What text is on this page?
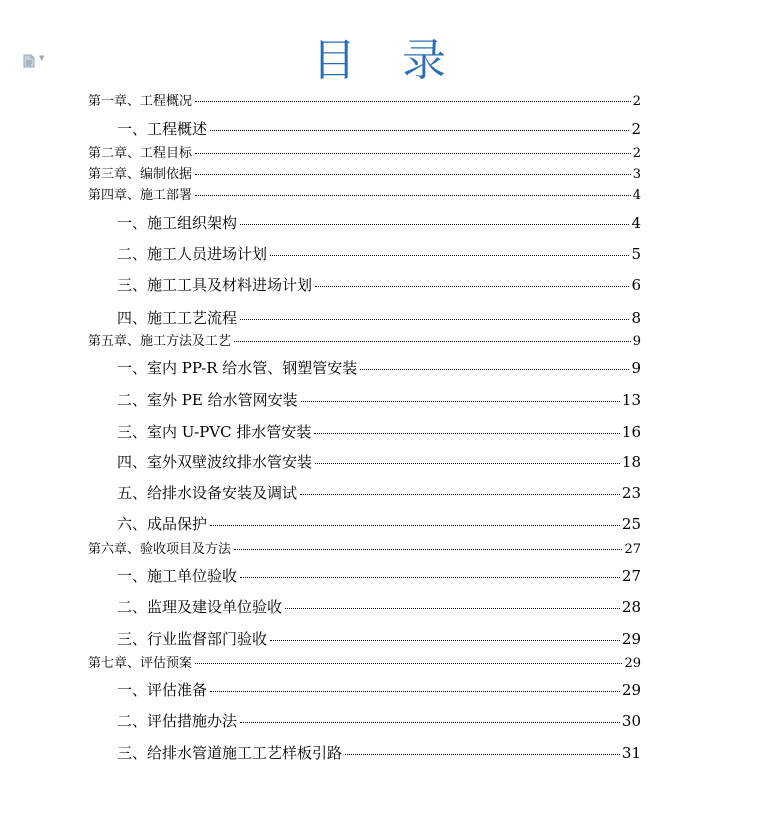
▼	目录
第一章、工程概况	2
一、工程概述	2
第二章、工程目标	2
第三章、编制依据	3
第四章、施工部署	4
一、施工组织架构	4
二、施工人员进场计划	5
三、施工工具及材料进场计划	6
四、施工工艺流程	8
第五章、施工方法及工艺	9
一、室内 PP-R 给水管、钢塑管安装	9
二、室外 PE 给水管网安装	13
三、室内 U-PVC 排水管安装	16
四、室外双壁波纹排水管安装	18
五、给排水设备安装及调试	23
六、成品保护	25
第六章、验收项目及方法	27
一、施工单位验收	27
二、监理及建设单位验收	28
三、行业监督部门验收	29
第七章、评估预案	29
一、评估准备	29
二、评估措施办法	30
三、给排水管道施工工艺样板引路	31
